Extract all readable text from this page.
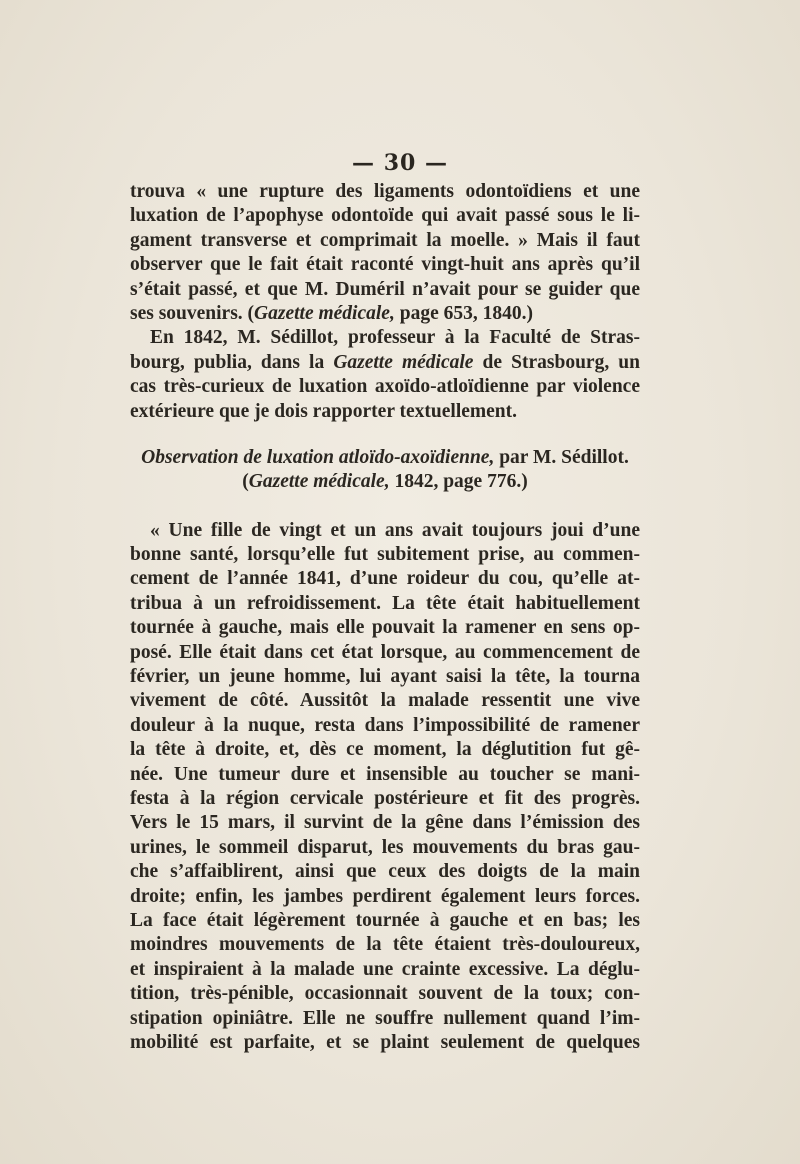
— 30 —
trouva « une rupture des ligaments odontoïdiens et une
luxation de l’apophyse odontoïde qui avait passé sous le li-
gament transverse et comprimait la moelle. » Mais il faut
observer que le fait était raconté vingt-huit ans après qu’il
s’était passé, et que M. Duméril n’avait pour se guider que
ses souvenirs. (Gazette médicale, page 653, 1840.)
En 1842, M. Sédillot, professeur à la Faculté de Stras-
bourg, publia, dans la Gazette médicale de Strasbourg, un
cas très-curieux de luxation axoïdo-atloïdienne par violence
extérieure que je dois rapporter textuellement.
Observation de luxation atloïdo-axoïdienne, par M. Sédillot.
(Gazette médicale, 1842, page 776.)
« Une fille de vingt et un ans avait toujours joui d’une
bonne santé, lorsqu’elle fut subitement prise, au commen-
cement de l’année 1841, d’une roideur du cou, qu’elle at-
tribua à un refroidissement. La tête était habituellement
tournée à gauche, mais elle pouvait la ramener en sens op-
posé. Elle était dans cet état lorsque, au commencement de
février, un jeune homme, lui ayant saisi la tête, la tourna
vivement de côté. Aussitôt la malade ressentit une vive
douleur à la nuque, resta dans l’impossibilité de ramener
la tête à droite, et, dès ce moment, la déglutition fut gê-
née. Une tumeur dure et insensible au toucher se mani-
festa à la région cervicale postérieure et fit des progrès.
Vers le 15 mars, il survint de la gêne dans l’émission des
urines, le sommeil disparut, les mouvements du bras gau-
che s’affaiblirent, ainsi que ceux des doigts de la main
droite; enfin, les jambes perdirent également leurs forces.
La face était légèrement tournée à gauche et en bas; les
moindres mouvements de la tête étaient très-douloureux,
et inspiraient à la malade une crainte excessive. La déglu-
tition, très-pénible, occasionnait souvent de la toux; con-
stipation opiniâtre. Elle ne souffre nullement quand l’im-
mobilité est parfaite, et se plaint seulement de quelques
